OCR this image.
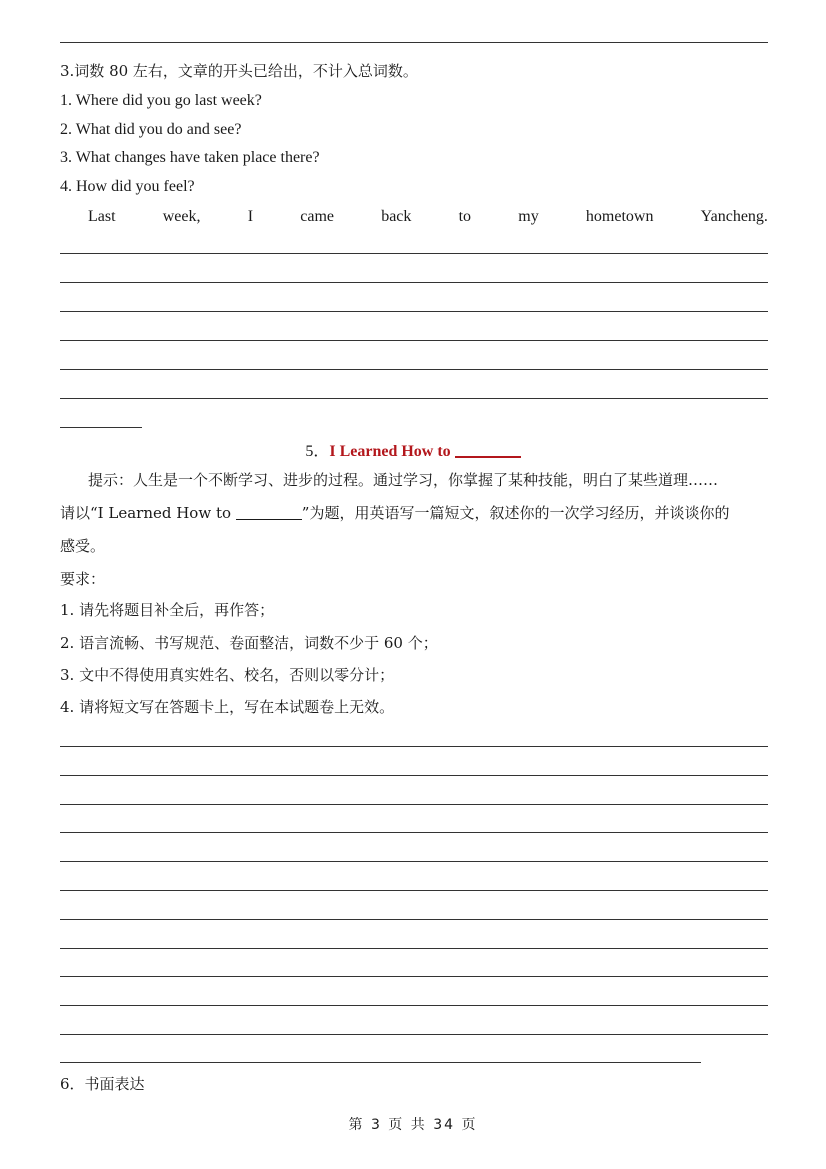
3.词数 80 左右，文章的开头已给出，不计入总词数。
1. Where did you go last week?
2. What did you do and see?
3. What changes have taken place there?
4. How did you feel?
Last	week,	I	came	back	to	my	hometown	Yancheng.
5．I Learned How to
提示：人生是一个不断学习、进步的过程。通过学习，你掌握了某种技能，明白了某些道理……
请以“I Learned How to	”为题，用英语写一篇短文，叙述你的一次学习经历，并谈谈你的
感受。
要求：
1. 请先将题目补全后，再作答；
2. 语言流畅、书写规范、卷面整洁，词数不少于 60 个；
3. 文中不得使用真实姓名、校名，否则以零分计；
4. 请将短文写在答题卡上，写在本试题卷上无效。
6．书面表达
第 3 页 共 34 页
